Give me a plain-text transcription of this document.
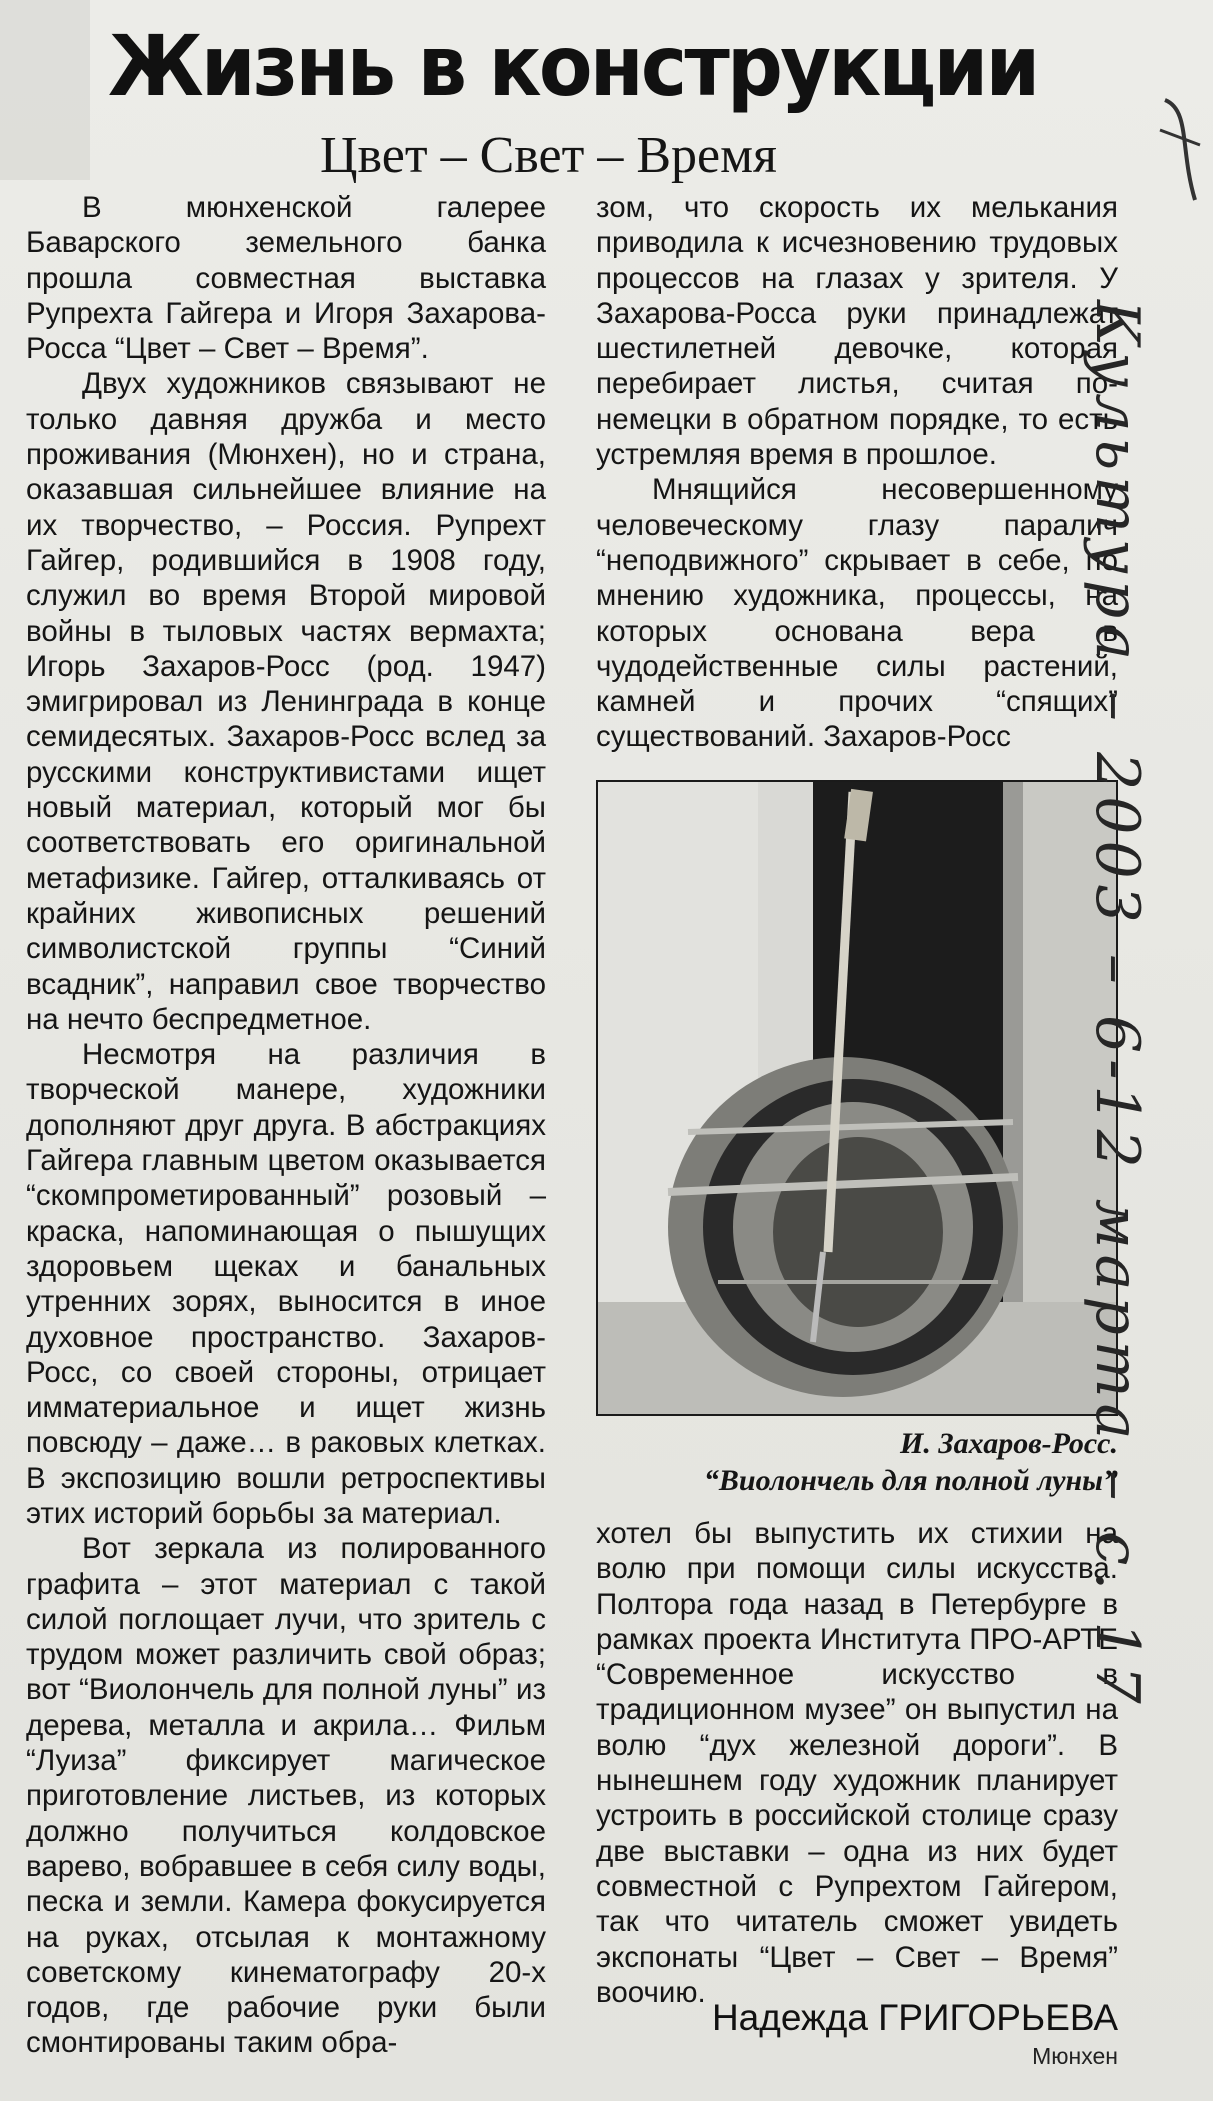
Жизнь в конструкции
Цвет – Свет – Время

В мюнхенской галерее Баварского земельного банка прошла совместная выставка Рупрехта Гайгера и Игоря Захарова-Росса “Цвет – Свет – Время”.

Двух художников связывают не только давняя дружба и место проживания (Мюнхен), но и страна, оказавшая сильнейшее влияние на их творчество, – Россия. Рупрехт Гайгер, родившийся в 1908 году, служил во время Второй мировой войны в тыловых частях вермахта; Игорь Захаров-Росс (род. 1947) эмигрировал из Ленинграда в конце семидесятых. Захаров-Росс вслед за русскими конструктивистами ищет новый материал, который мог бы соответствовать его оригинальной метафизике. Гайгер, отталкиваясь от крайних живописных решений символистской группы “Синий всадник”, направил свое творчество на нечто беспредметное.

Несмотря на различия в творческой манере, художники дополняют друг друга. В абстракциях Гайгера главным цветом оказывается “скомпрометированный” розовый – краска, напоминающая о пышущих здоровьем щеках и банальных утренних зорях, выносится в иное духовное пространство. Захаров-Росс, со своей стороны, отрицает имматериальное и ищет жизнь повсюду – даже… в раковых клетках. В экспозицию вошли ретроспективы этих историй борьбы за материал.

Вот зеркала из полированного графита – этот материал с такой силой поглощает лучи, что зритель с трудом может различить свой образ; вот “Виолончель для полной луны” из дерева, металла и акрила… Фильм “Луиза” фиксирует магическое приготовление листьев, из которых должно получиться колдовское варево, вобравшее в себя силу воды, песка и земли. Камера фокусируется на руках, отсылая к монтажному советскому кинематографу 20-х годов, где рабочие руки были смонтированы таким обра-

зом, что скорость их мелькания приводила к исчезновению трудовых процессов на глазах у зрителя. У Захарова-Росса руки принадлежат шестилетней девочке, которая перебирает листья, считая по-немецки в обратном порядке, то есть устремляя время в прошлое.

Мнящийся несовершенному человеческому глазу паралич “неподвижного” скрывает в себе, по мнению художника, процессы, на которых основана вера в чудодейственные силы растений, камней и прочих “спящих” существований. Захаров-Росс

И. Захаров-Росс.
“Виолончель для полной луны”

хотел бы выпустить их стихии на волю при помощи силы искусства. Полтора года назад в Петербурге в рамках проекта Института ПРО-АРТЕ “Современное искусство в традиционном музее” он выпустил на волю “дух железной дороги”. В нынешнем году художник планирует устроить в российской столице сразу две выставки – одна из них будет совместной с Рупрехтом Гайгером, так что читатель сможет увидеть экспонаты “Цвет – Свет – Время” воочию.

Надежда ГРИГОРЬЕВА
Мюнхен
Культура – 2003 – 6-12 марта – с. 17
